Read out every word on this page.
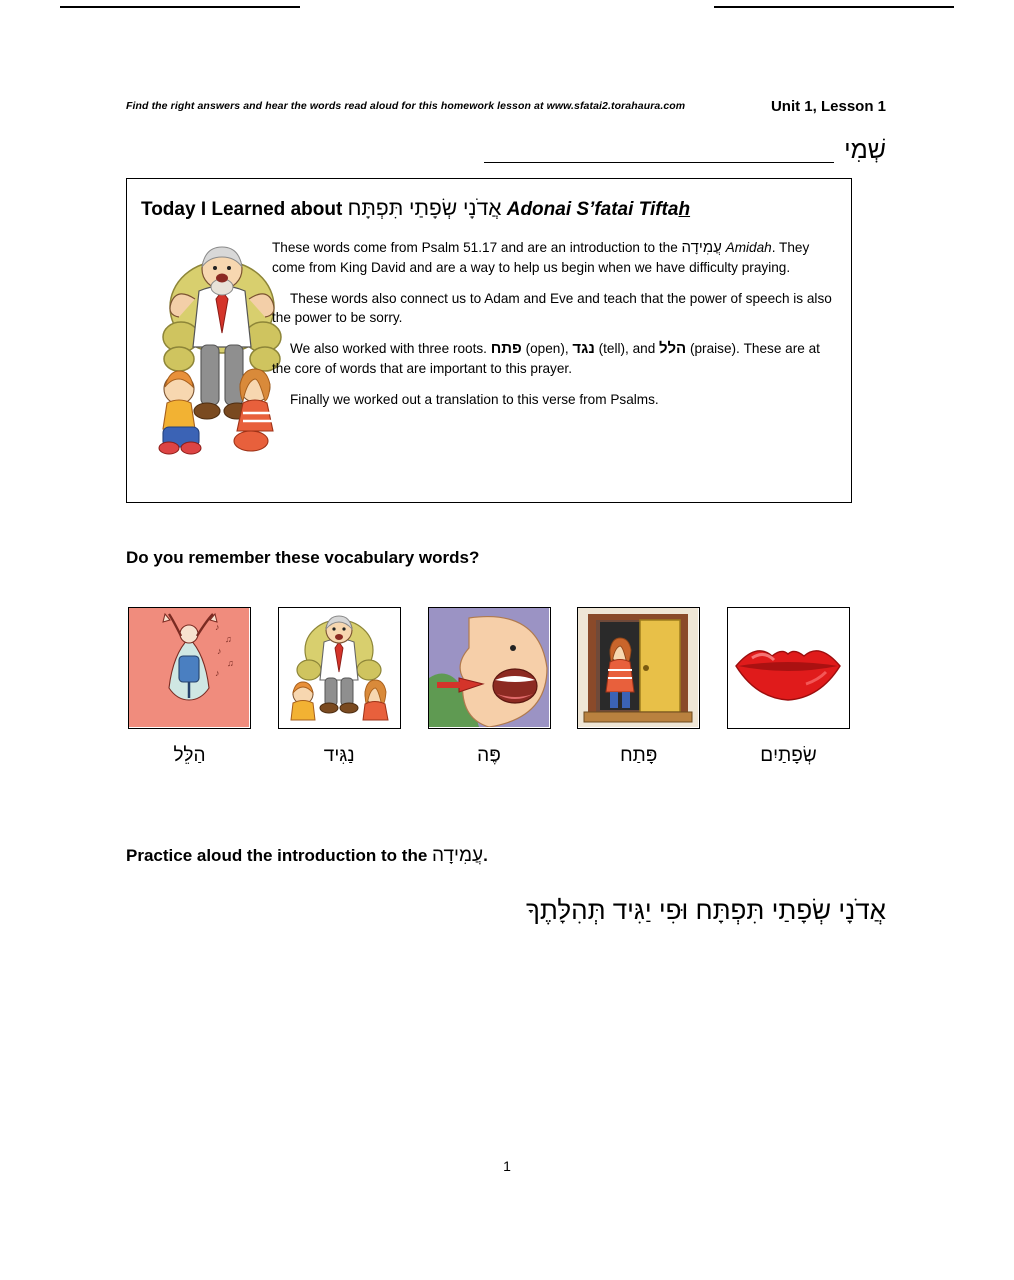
Find the right answers and hear the words read aloud for this homework lesson at www.sfatai2.torahaura.com	Unit 1, Lesson 1
שְׁמִי
Today I Learned about אֲדֹנָי שְׂפָתַי תִּפְתָּח Adonai S’fatai Tiftah

These words come from Psalm 51.17 and are an introduction to the עֲמִידָה Amidah. They come from King David and are a way to help us begin when we have difficulty praying.

These words also connect us to Adam and Eve and teach that the power of speech is also the power to be sorry.

We also worked with three roots. פתח (open), נגד (tell), and הלל (praise). These are at the core of words that are important to this prayer.

Finally we worked out a translation to this verse from Psalms.

Do you remember these vocabulary words?
♪
♫
♪
♫
♪
הַלֵּל	נַגִּיד	פֶּה	פָּתַח	שְׂפָתַיִם
Practice aloud the introduction to the עֲמִידָה.
אֲדֹנָי שְׂפָתַי תִּפְתָּח וּפִי יַגִּיד תְּהִלָּתֶךָ
1
